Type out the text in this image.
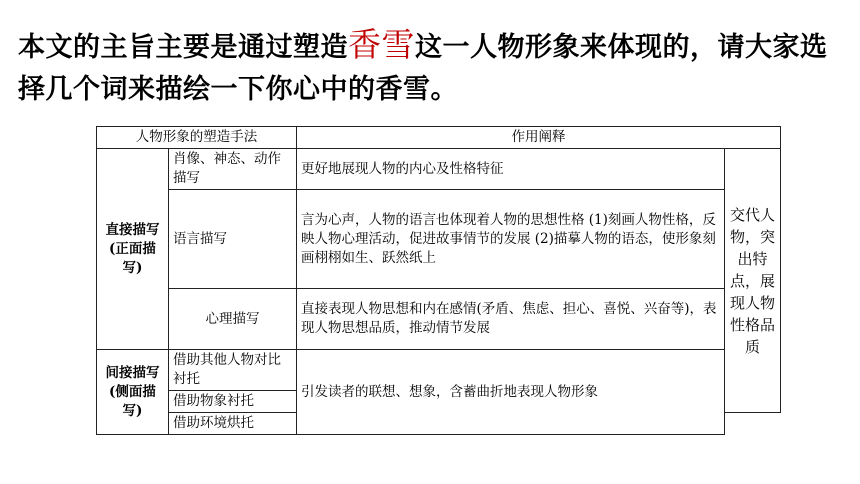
本文的主旨主要是通过塑造香雪这一人物形象来体现的，请大家选择几个词来描绘一下你心中的香雪。
人物形象的塑造手法		作用阐释	
直接描写(正面描写)	肖像、神态、动作描写	更好地展现人物的内心及性格特征	交代人物，突出特点，展现人物性格品质
	语言描写	言为心声，人物的语言也体现着人物的思想性格 (1)刻画人物性格，反映人物心理活动，促进故事情节的发展 (2)描摹人物的语态，使形象刻画栩栩如生、跃然纸上	
	心理描写	直接表现人物思想和内在感情(矛盾、焦虑、担心、喜悦、兴奋等)，表现人物思想品质，推动情节发展	
间接描写(侧面描写)	借助其他人物对比衬托	引发读者的联想、想象，含蓄曲折地表现人物形象	
	借助物象衬托		
	借助环境烘托		
